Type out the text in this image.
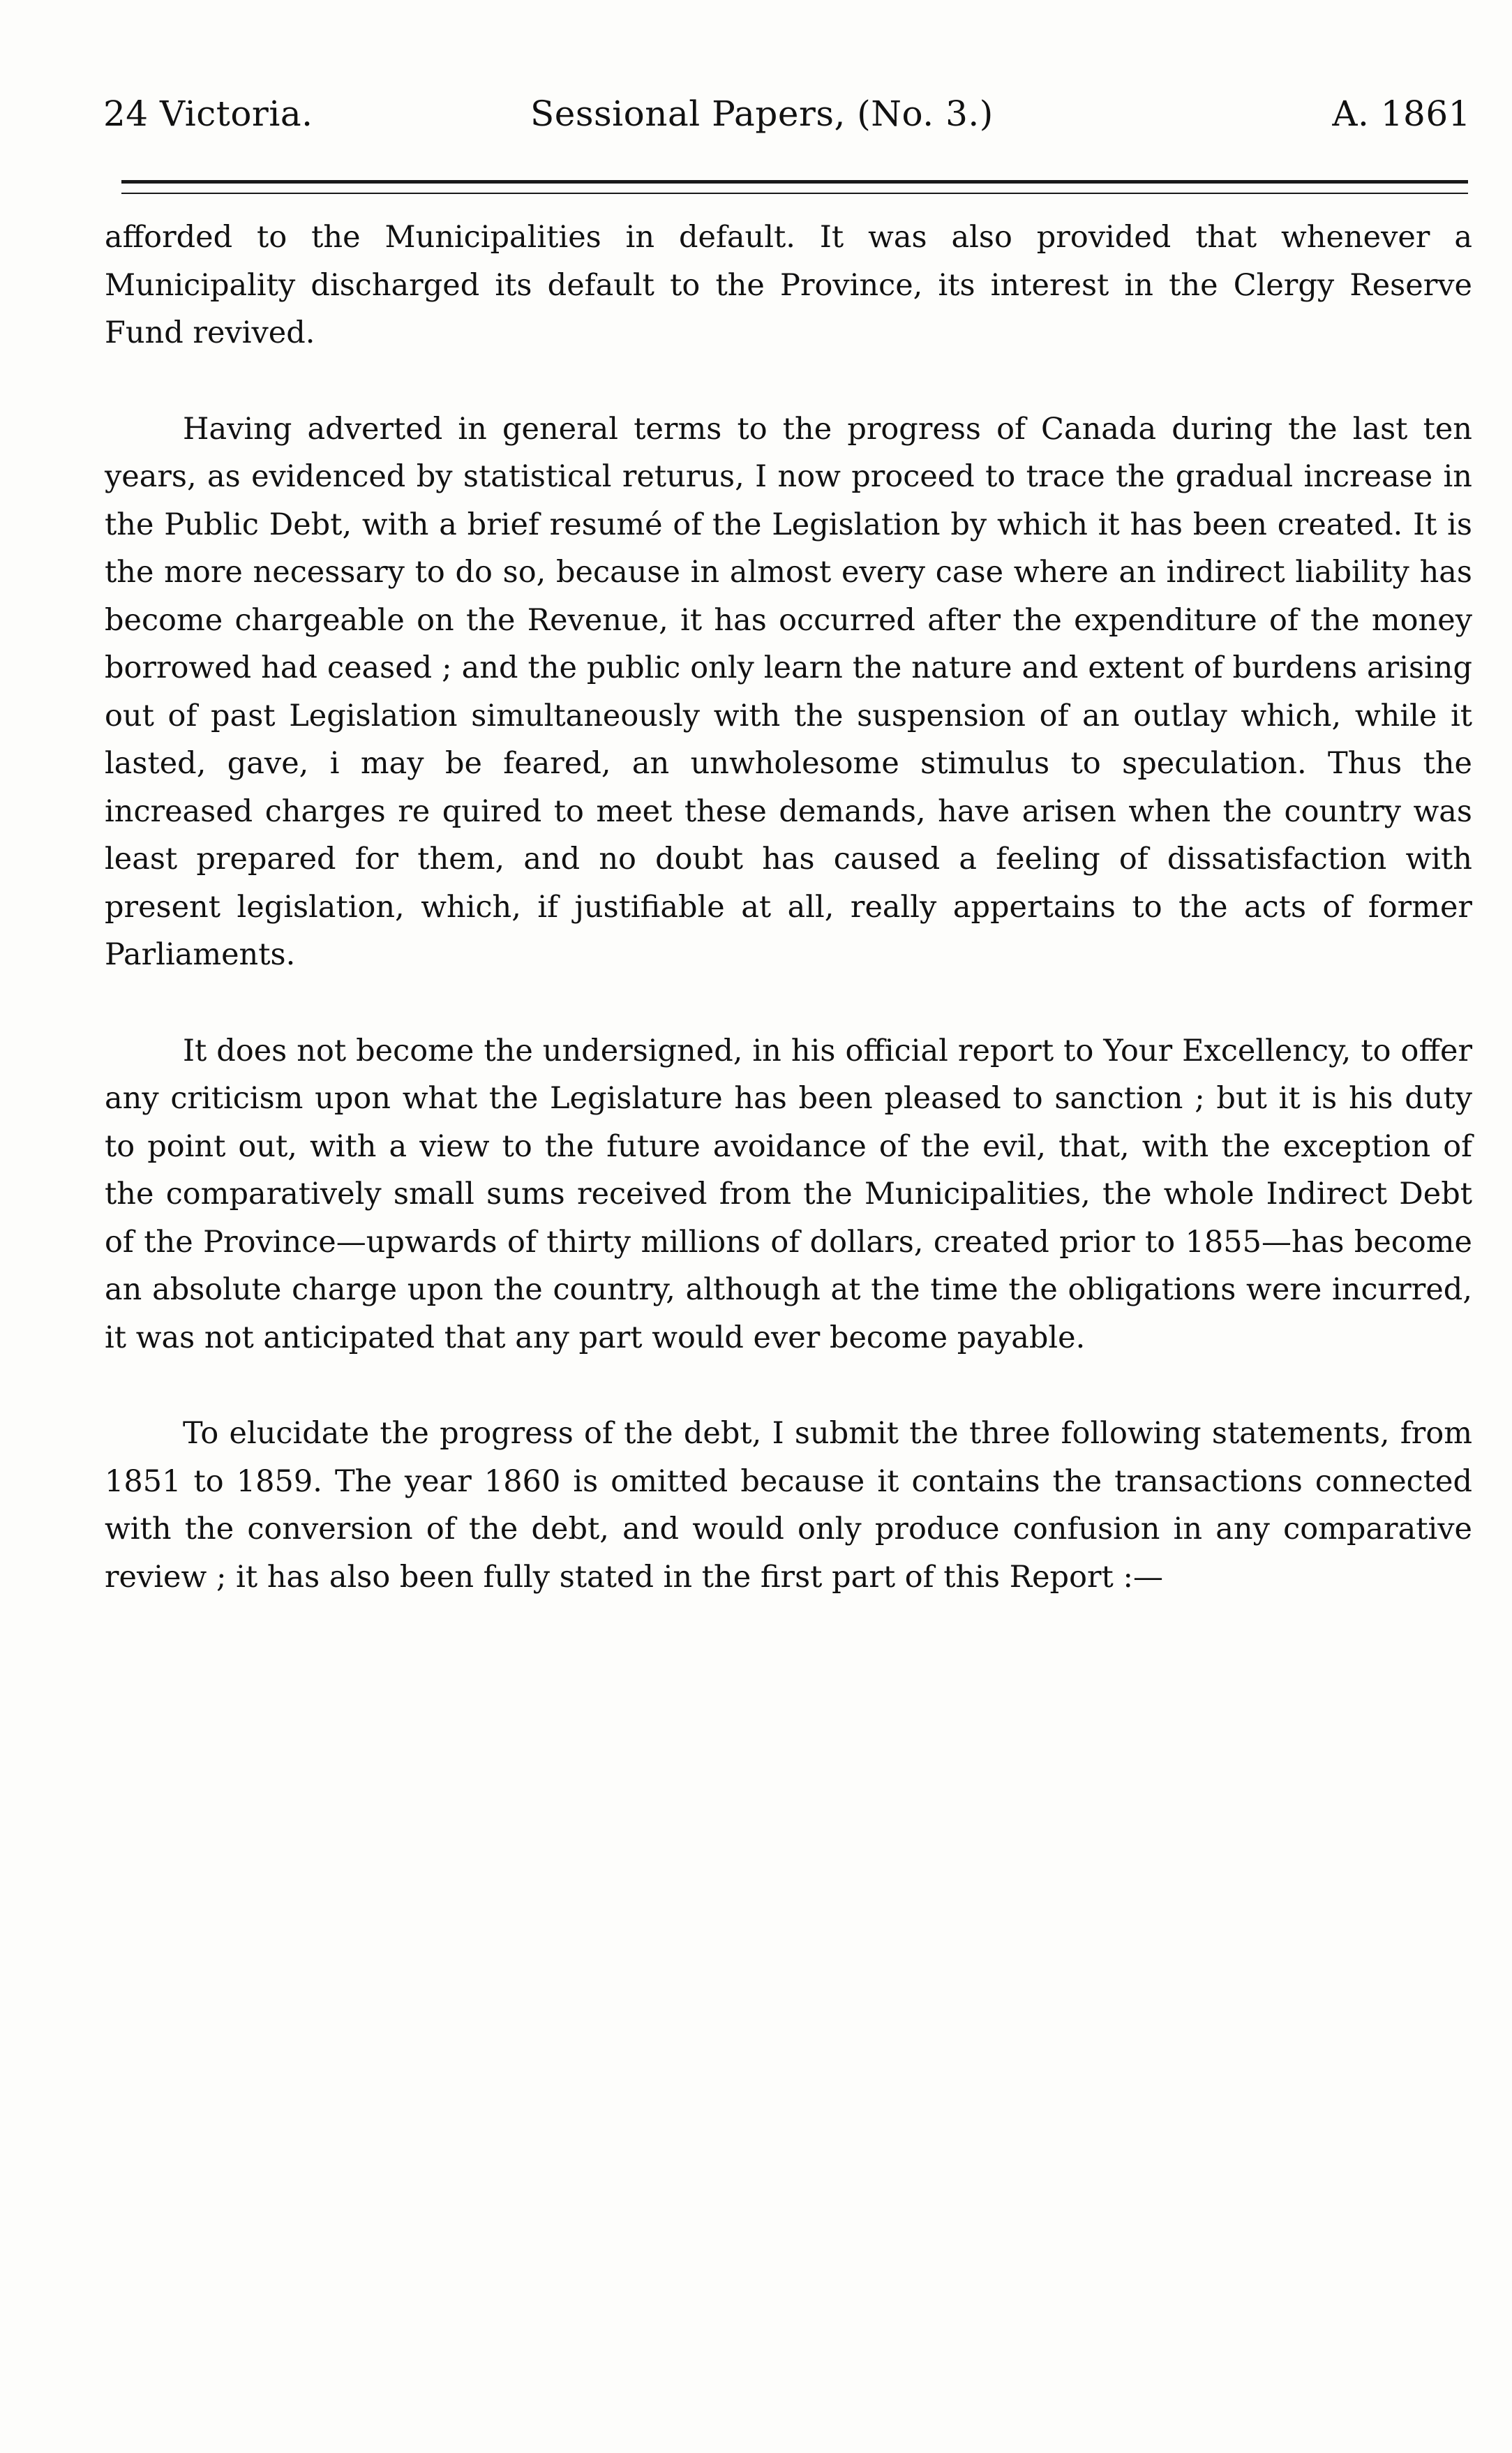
24 Victoria.	Sessional Papers, (No. 3.)	A. 1861

afforded to the Municipalities in default. It was also provided that whenever a Municipality discharged its default to the Province, its interest in the Clergy Reserve Fund revived.

Having adverted in general terms to the progress of Canada during the last ten years, as evidenced by statistical returus, I now proceed to trace the gradual increase in the Public Debt, with a brief resumé of the Legislation by which it has been created. It is the more necessary to do so, because in almost every case where an indirect liability has become chargeable on the Revenue, it has occurred after the expenditure of the money borrowed had ceased ; and the public only learn the nature and extent of burdens arising out of past Legislation simultaneously with the suspension of an outlay which, while it lasted, gave, i may be feared, an unwholesome stimulus to speculation. Thus the increased charges re quired to meet these demands, have arisen when the country was least prepared for them, and no doubt has caused a feeling of dissatisfaction with present legislation, which, if justifiable at all, really appertains to the acts of former Parliaments.

It does not become the undersigned, in his official report to Your Excellency, to offer any criticism upon what the Legislature has been pleased to sanction ; but it is his duty to point out, with a view to the future avoidance of the evil, that, with the exception of the comparatively small sums received from the Municipalities, the whole Indirect Debt of the Province—upwards of thirty millions of dollars, created prior to 1855—has become an absolute charge upon the country, although at the time the obligations were incurred, it was not anticipated that any part would ever become payable.

To elucidate the progress of the debt, I submit the three following statements, from 1851 to 1859. The year 1860 is omitted because it contains the transactions connected with the conversion of the debt, and would only produce confusion in any comparative review ; it has also been fully stated in the first part of this Report :—
